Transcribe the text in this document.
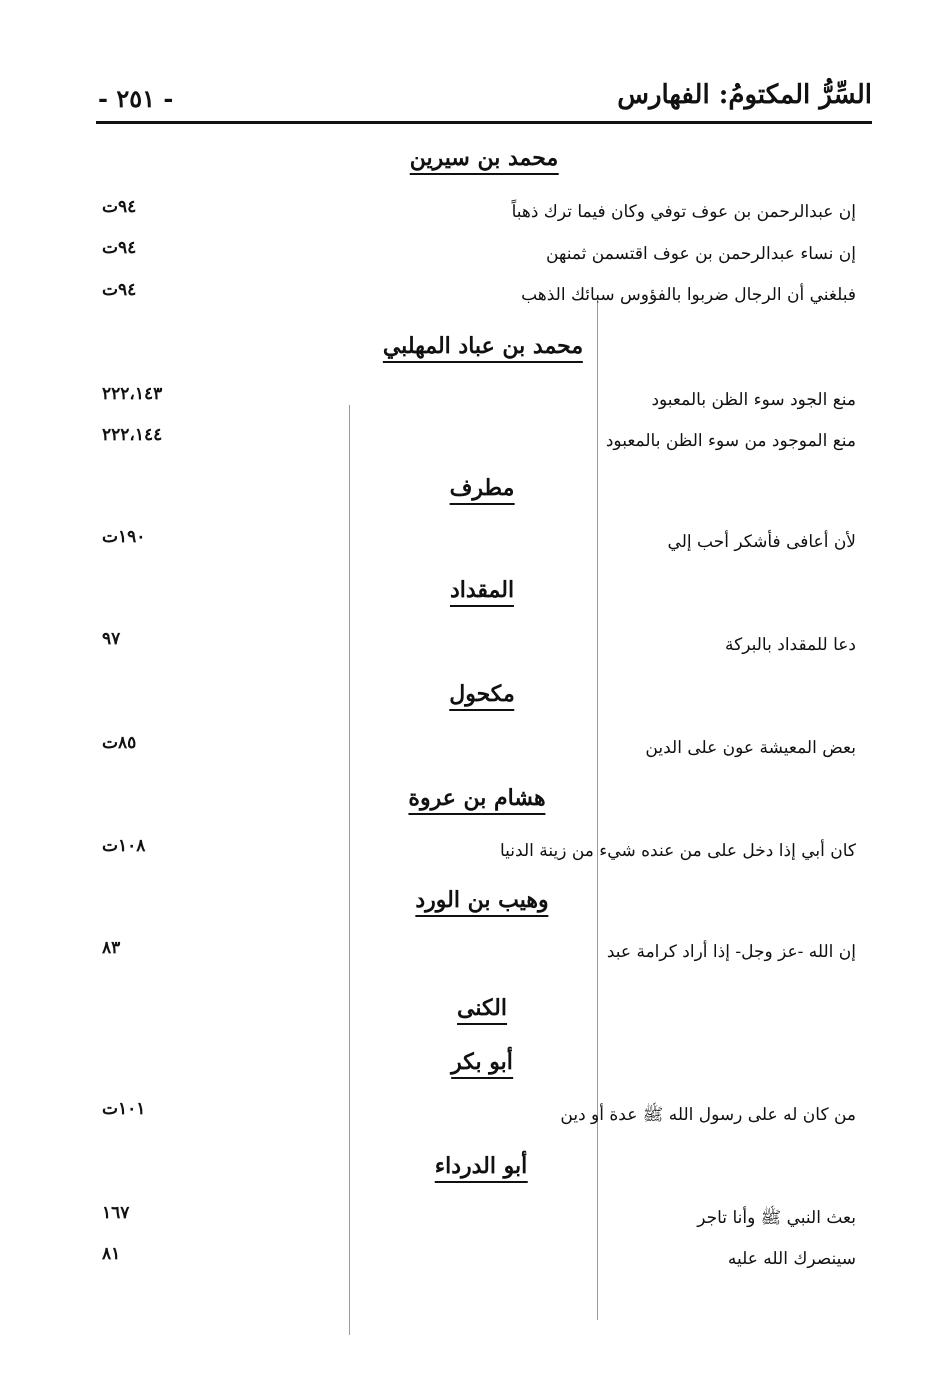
السِّرُّ المكتومُ: الفهارس
- ٢٥١ -
محمد بن سيرين
إن عبدالرحمن بن عوف توفي وكان فيما ترك ذهباً
٩٤ت
إن نساء عبدالرحمن بن عوف اقتسمن ثمنهن
٩٤ت
فبلغني أن الرجال ضربوا بالفؤوس سبائك الذهب
٩٤ت
محمد بن عباد المهلبي
منع الجود سوء الظن بالمعبود
٢٢٢،١٤٣
منع الموجود من سوء الظن بالمعبود
٢٢٢،١٤٤
مطرف
لأن أعافى فأشكر أحب إلي
١٩٠ت
المقداد
دعا للمقداد بالبركة
٩٧
مكحول
بعض المعيشة عون على الدين
٨٥ت
هشام بن عروة
كان أبي إذا دخل على من عنده شيء من زينة الدنيا
١٠٨ت
وهيب بن الورد
إن الله -عز وجل- إذا أراد كرامة عبد
٨٣
الكنى
أبو بكر
من كان له على رسول الله ﷺ عدة أو دين
١٠١ت
أبو الدرداء
بعث النبي ﷺ وأنا تاجر
١٦٧
سينصرك الله عليه
٨١
